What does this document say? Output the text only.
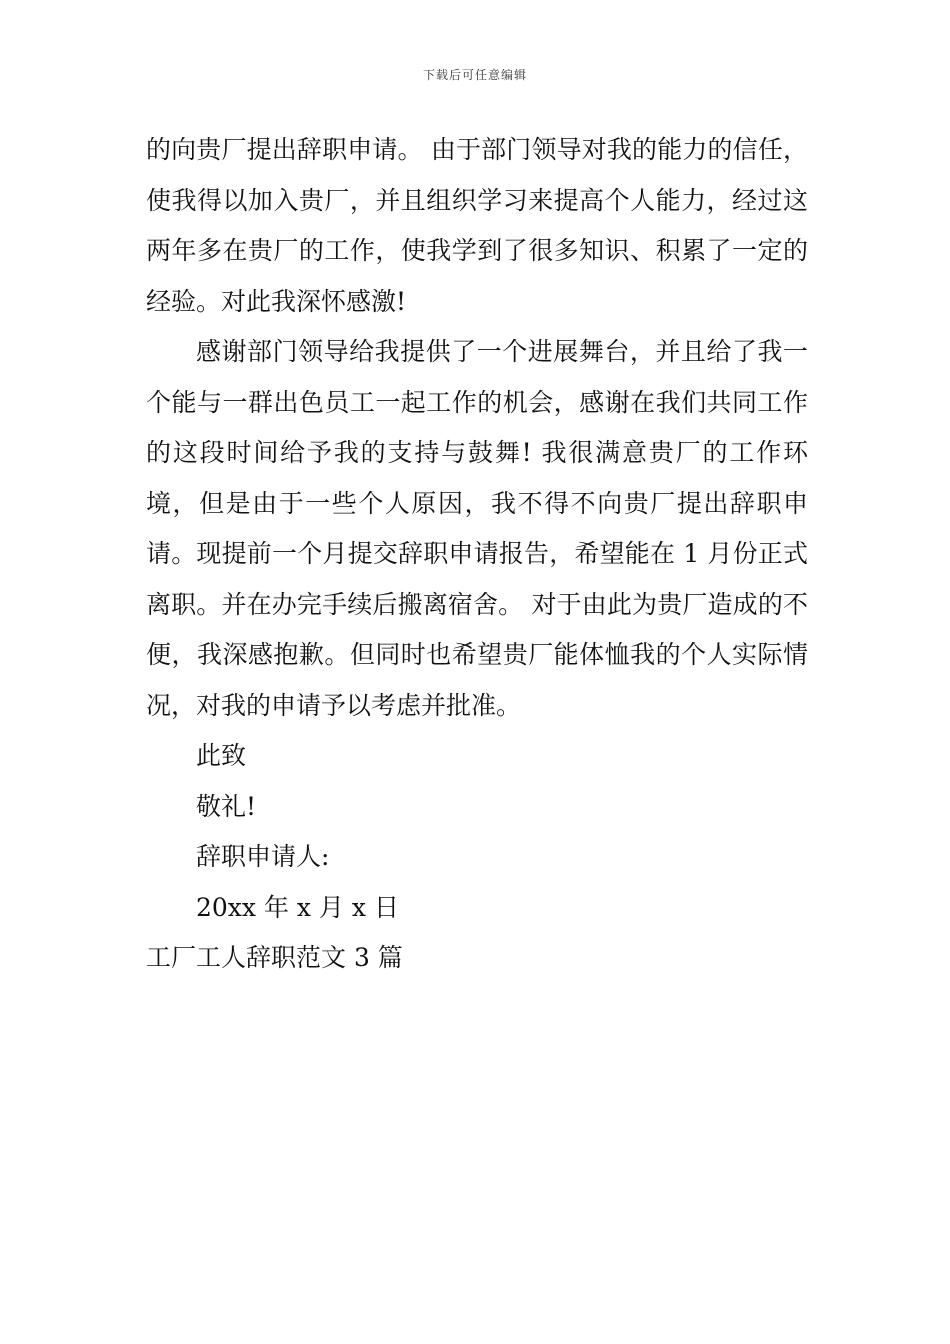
下载后可任意编辑

的向贵厂提出辞职申请。 由于部门领导对我的能力的信任，使我得以加入贵厂，并且组织学习来提高个人能力，经过这两年多在贵厂的工作，使我学到了很多知识、积累了一定的经验。对此我深怀感激!

感谢部门领导给我提供了一个进展舞台，并且给了我一个能与一群出色员工一起工作的机会，感谢在我们共同工作的这段时间给予我的支持与鼓舞! 我很满意贵厂的工作环境，但是由于一些个人原因，我不得不向贵厂提出辞职申请。现提前一个月提交辞职申请报告，希望能在 1 月份正式离职。并在办完手续后搬离宿舍。 对于由此为贵厂造成的不便，我深感抱歉。但同时也希望贵厂能体恤我的个人实际情况，对我的申请予以考虑并批准。

此致

敬礼!

辞职申请人:

20xx 年 x 月 x 日

工厂工人辞职范文 3 篇
